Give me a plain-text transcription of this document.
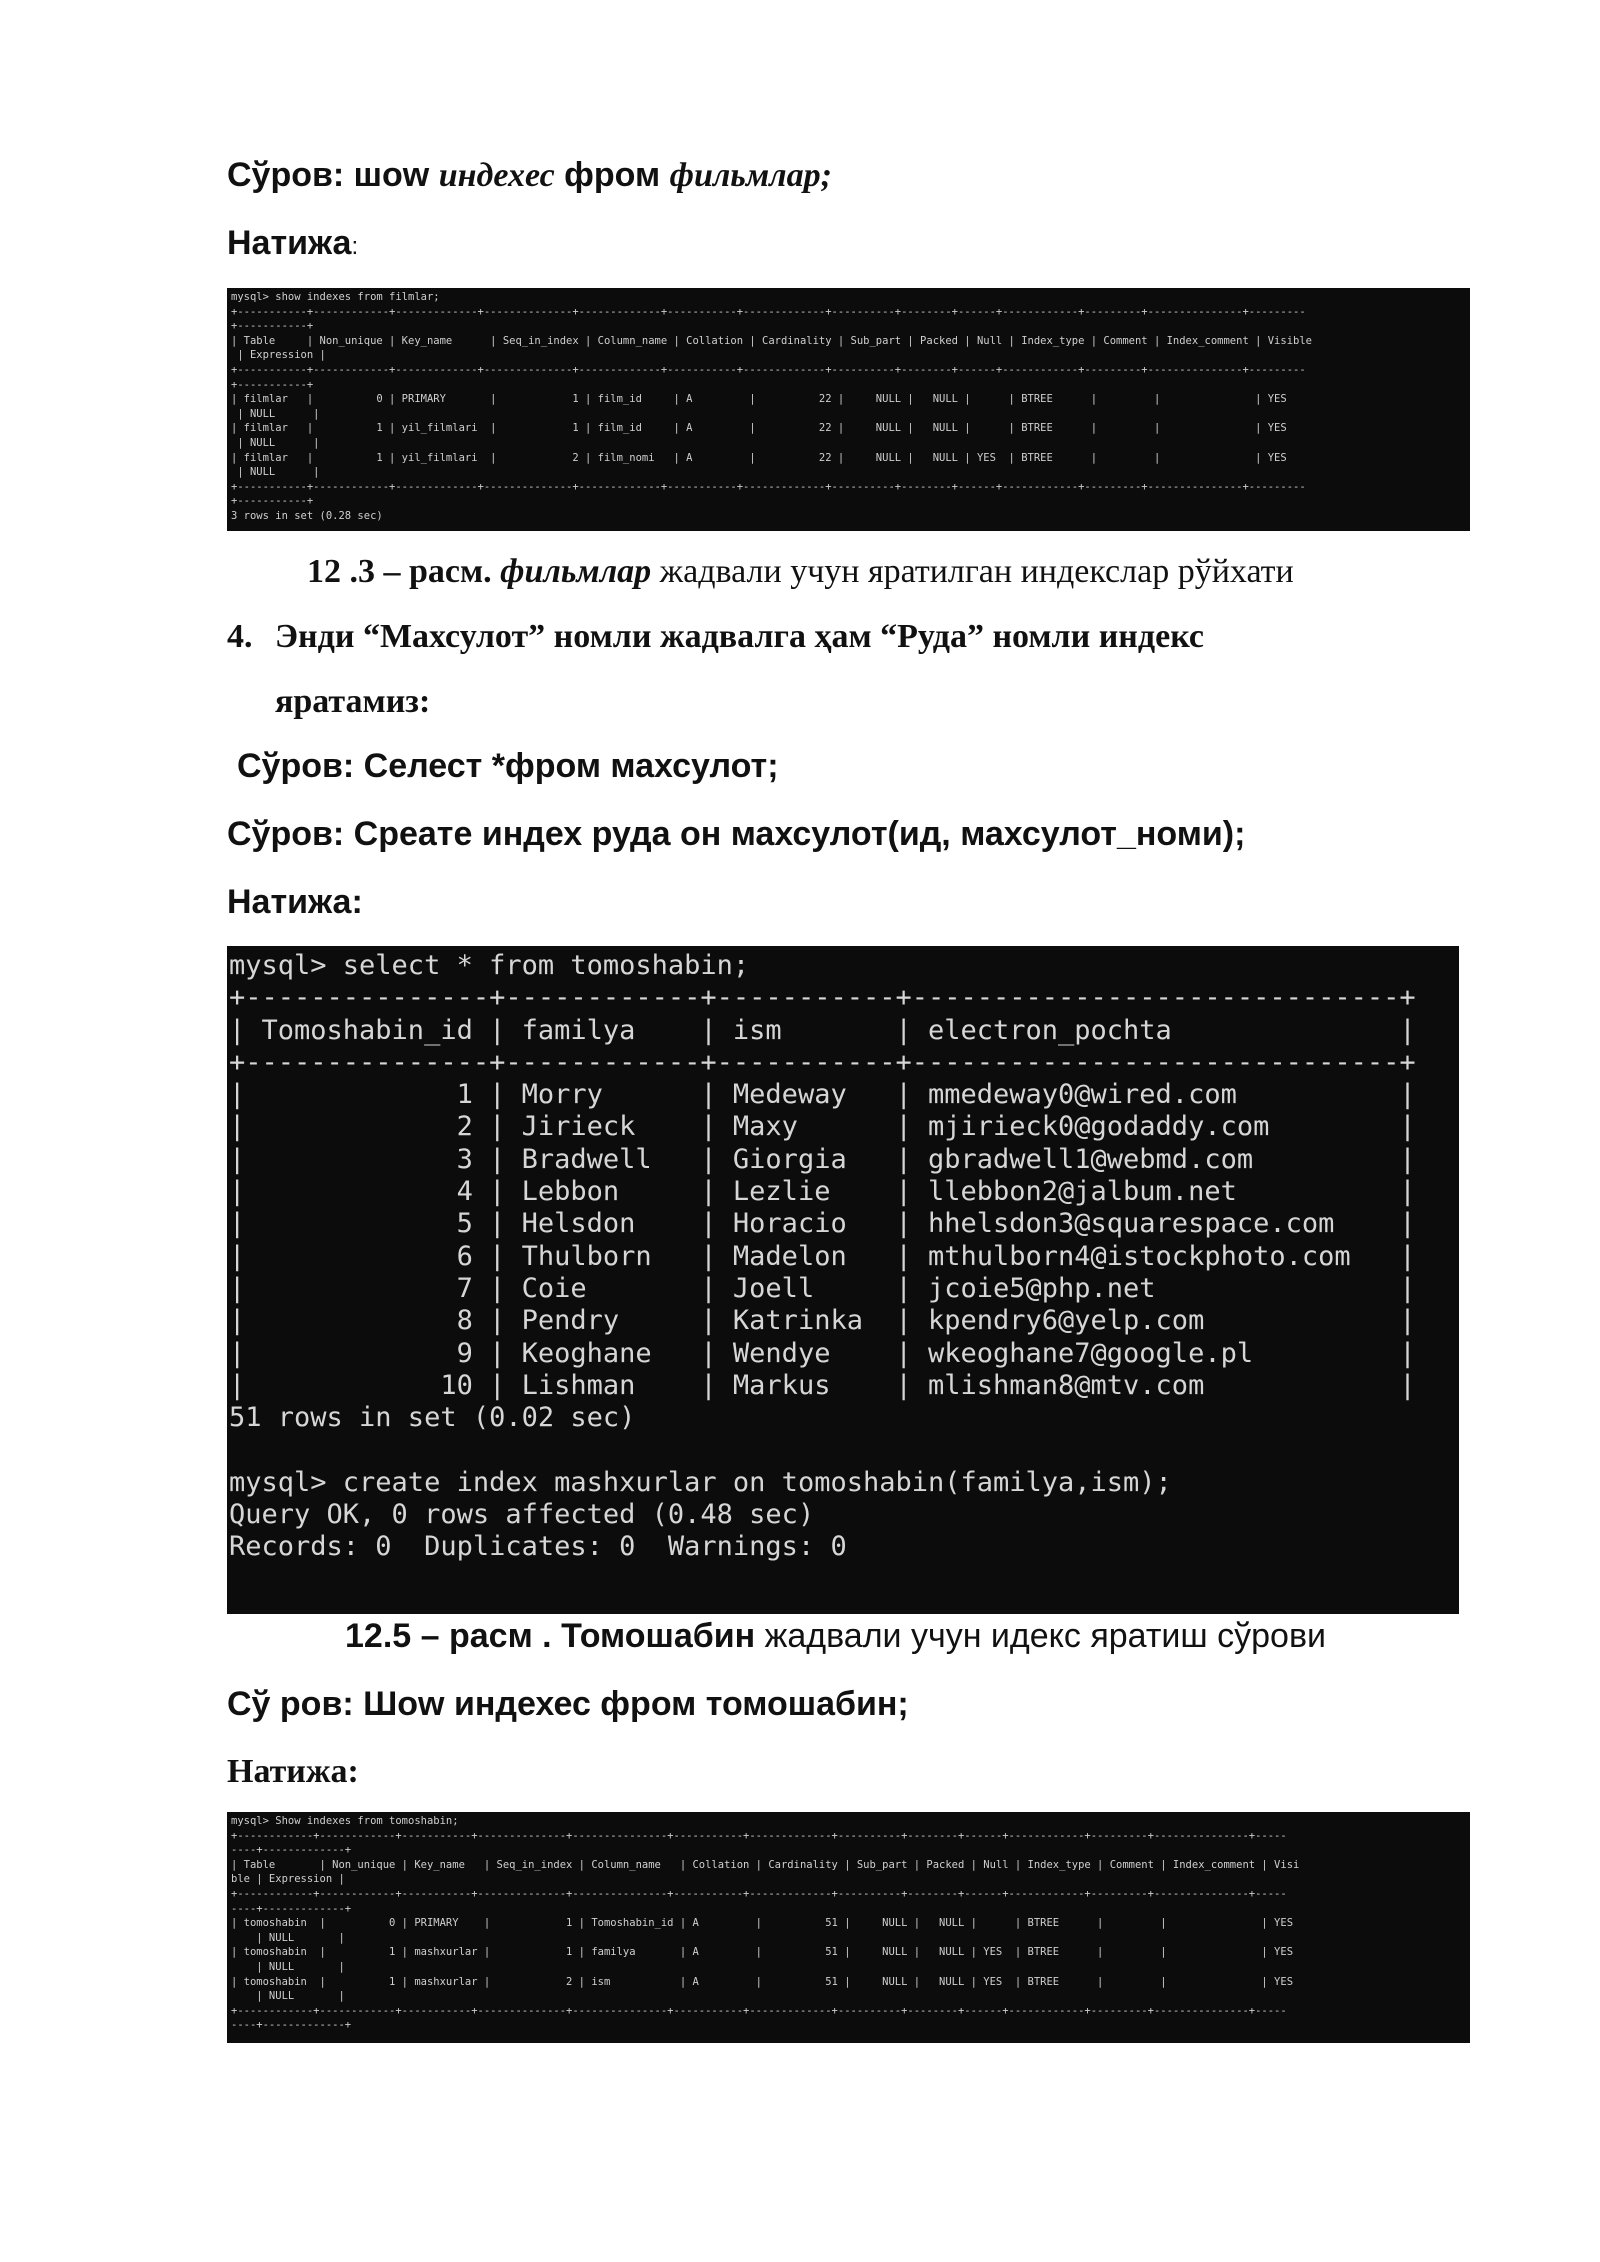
Сўров: шоw индехес фром фильмлар;
Натижа:
mysql> show indexes from filmlar;
+-----------+------------+-------------+--------------+-------------+-----------+-------------+----------+--------+------+------------+---------+---------------+---------
+-----------+
| Table     | Non_unique | Key_name      | Seq_in_index | Column_name | Collation | Cardinality | Sub_part | Packed | Null | Index_type | Comment | Index_comment | Visible
| Expression |
+-----------+------------+-------------+--------------+-------------+-----------+-------------+----------+--------+------+------------+---------+---------------+---------
+-----------+
| filmlar   |          0 | PRIMARY       |            1 | film_id     | A         |          22 |     NULL |   NULL |      | BTREE      |         |               | YES
| NULL      |
| filmlar   |          1 | yil_filmlari  |            1 | film_id     | A         |          22 |     NULL |   NULL |      | BTREE      |         |               | YES
| NULL      |
| filmlar   |          1 | yil_filmlari  |            2 | film_nomi   | A         |          22 |     NULL |   NULL | YES  | BTREE      |         |               | YES
| NULL      |
+-----------+------------+-------------+--------------+-------------+-----------+-------------+----------+--------+------+------------+---------+---------------+---------
+-----------+
3 rows in set (0.28 sec)
12 .3 – расм. фильмлар жадвали учун яратилган индекслар рўйхати
4. Энди “Махсулот” номли жадвалга ҳам “Руда” номли индекс
яратамиз:
Сўров: Селест *фром махсулот;
Сўров: Среате индех руда он махсулот(ид, махсулот_номи);
Натижа:
mysql> select * from tomoshabin;
+---------------+------------+-----------+------------------------------+
| Tomoshabin_id | familya    | ism       | electron_pochta              |
+---------------+------------+-----------+------------------------------+
|             1 | Morry      | Medeway   | mmedeway0@wired.com          |
|             2 | Jirieck    | Maxy      | mjirieck0@godaddy.com        |
|             3 | Bradwell   | Giorgia   | gbradwell1@webmd.com         |
|             4 | Lebbon     | Lezlie    | llebbon2@jalbum.net          |
|             5 | Helsdon    | Horacio   | hhelsdon3@squarespace.com    |
|             6 | Thulborn   | Madelon   | mthulborn4@istockphoto.com   |
|             7 | Coie       | Joell     | jcoie5@php.net               |
|             8 | Pendry     | Katrinka  | kpendry6@yelp.com            |
|             9 | Keoghane   | Wendye    | wkeoghane7@google.pl         |
|            10 | Lishman    | Markus    | mlishman8@mtv.com            |
51 rows in set (0.02 sec)

mysql> create index mashxurlar on tomoshabin(familya,ism);
Query OK, 0 rows affected (0.48 sec)
Records: 0  Duplicates: 0  Warnings: 0
12.5 – расм . Томошабин жадвали учун идекс яратиш сўрови
Сў ров: Шоw индехес фром томошабин;
Натижа:
mysql> Show indexes from tomoshabin;
+------------+------------+-----------+--------------+---------------+-----------+-------------+----------+--------+------+------------+---------+---------------+-----
----+-------------+
| Table       | Non_unique | Key_name   | Seq_in_index | Column_name   | Collation | Cardinality | Sub_part | Packed | Null | Index_type | Comment | Index_comment | Visi
ble | Expression |
+------------+------------+-----------+--------------+---------------+-----------+-------------+----------+--------+------+------------+---------+---------------+-----
----+-------------+
| tomoshabin  |          0 | PRIMARY    |            1 | Tomoshabin_id | A         |          51 |     NULL |   NULL |      | BTREE      |         |               | YES
| NULL       |
| tomoshabin  |          1 | mashxurlar |            1 | familya       | A         |          51 |     NULL |   NULL | YES  | BTREE      |         |               | YES
| NULL       |
| tomoshabin  |          1 | mashxurlar |            2 | ism           | A         |          51 |     NULL |   NULL | YES  | BTREE      |         |               | YES
| NULL       |
+------------+------------+-----------+--------------+---------------+-----------+-------------+----------+--------+------+------------+---------+---------------+-----
----+-------------+
